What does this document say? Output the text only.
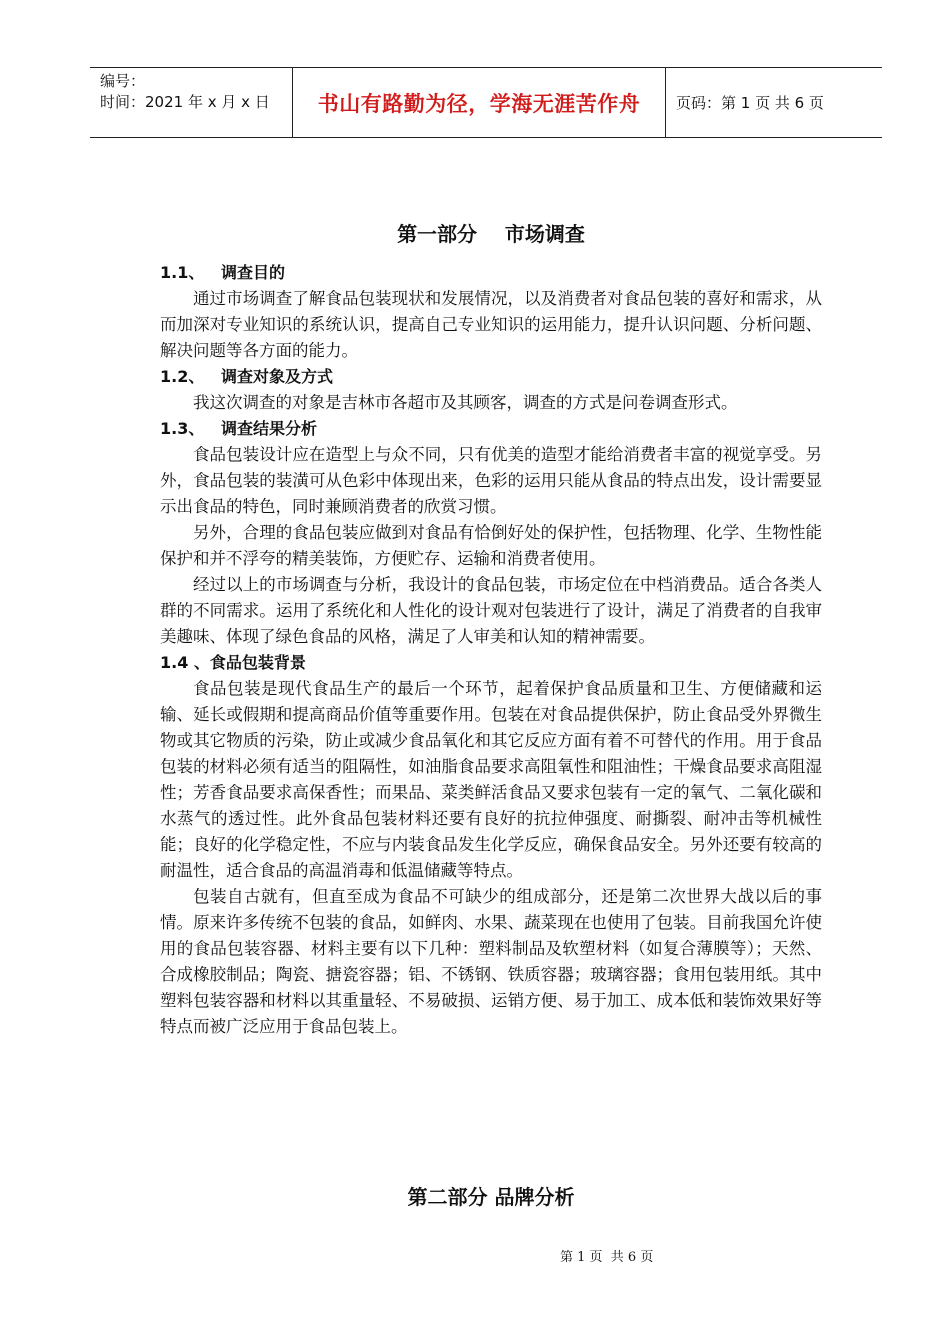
编号：
时间：2021 年 x 月 x 日	书山有路勤为径，学海无涯苦作舟	页码：第 1 页 共 6 页
第一部分    市场调查
1.1、   调查目的

通过市场调查了解食品包装现状和发展情况，以及消费者对食品包装的喜好和需求，从而加深对专业知识的系统认识，提高自己专业知识的运用能力，提升认识问题、分析问题、解决问题等各方面的能力。

1.2、   调查对象及方式

我这次调查的对象是吉林市各超市及其顾客，调查的方式是问卷调查形式。

1.3、   调查结果分析

食品包装设计应在造型上与众不同，只有优美的造型才能给消费者丰富的视觉享受。另外，食品包装的装潢可从色彩中体现出来，色彩的运用只能从食品的特点出发，设计需要显示出食品的特色，同时兼顾消费者的欣赏习惯。

另外，合理的食品包装应做到对食品有恰倒好处的保护性，包括物理、化学、生物性能保护和并不浮夸的精美装饰，方便贮存、运输和消费者使用。

经过以上的市场调查与分析，我设计的食品包装，市场定位在中档消费品。适合各类人群的不同需求。运用了系统化和人性化的设计观对包装进行了设计，满足了消费者的自我审美趣味、体现了绿色食品的风格，满足了人审美和认知的精神需要。

1.4 、食品包装背景

食品包装是现代食品生产的最后一个环节，起着保护食品质量和卫生、方便储藏和运输、延长或假期和提高商品价值等重要作用。包装在对食品提供保护，防止食品受外界微生物或其它物质的污染，防止或减少食品氧化和其它反应方面有着不可替代的作用。用于食品包装的材料必须有适当的阻隔性，如油脂食品要求高阻氧性和阻油性；干燥食品要求高阻湿性；芳香食品要求高保香性；而果品、菜类鲜活食品又要求包装有一定的氧气、二氧化碳和水蒸气的透过性。此外食品包装材料还要有良好的抗拉伸强度、耐撕裂、耐冲击等机械性能；良好的化学稳定性，不应与内装食品发生化学反应，确保食品安全。另外还要有较高的耐温性，适合食品的高温消毒和低温储藏等特点。

包装自古就有，但直至成为食品不可缺少的组成部分，还是第二次世界大战以后的事情。原来许多传统不包装的食品，如鲜肉、水果、蔬菜现在也使用了包装。目前我国允许使用的食品包装容器、材料主要有以下几种：塑料制品及软塑材料（如复合薄膜等）；天然、合成橡胶制品；陶瓷、搪瓷容器；铝、不锈钢、铁质容器；玻璃容器；食用包装用纸。其中塑料包装容器和材料以其重量轻、不易破损、运销方便、易于加工、成本低和装饰效果好等特点而被广泛应用于食品包装上。

第二部分 品牌分析
第 1 页  共 6 页
